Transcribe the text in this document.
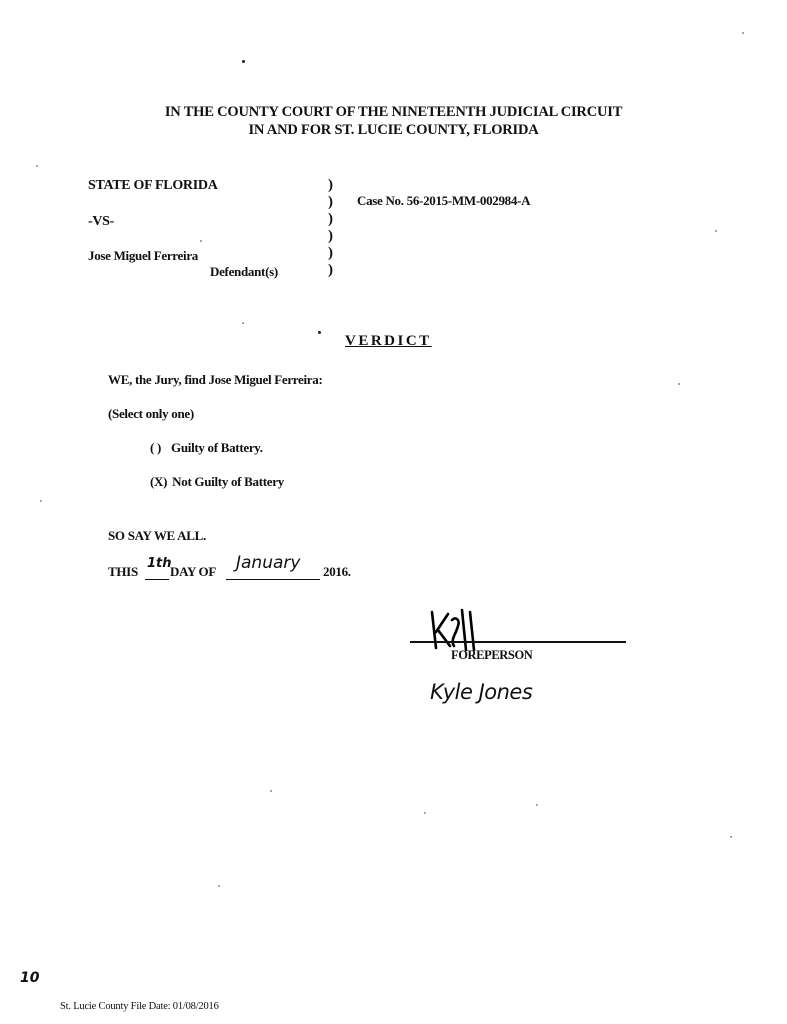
IN THE COUNTY COURT OF THE NINETEENTH JUDICIAL CIRCUIT
IN AND FOR ST. LUCIE COUNTY, FLORIDA
STATE OF FLORIDA
-VS-
Jose Miguel Ferreira
Defendant(s)
)
)
)
)
)
)
Case No. 56-2015-MM-002984-A
VERDICT
WE, the Jury, find Jose Miguel Ferreira:
(Select only one)
( ) Guilty of Battery.
(X) Not Guilty of Battery
SO SAY WE ALL.
THIS
1th
DAY OF January 2016.
FOREPERSON
Kyle Jones
10
St. Lucie County File Date: 01/08/2016
